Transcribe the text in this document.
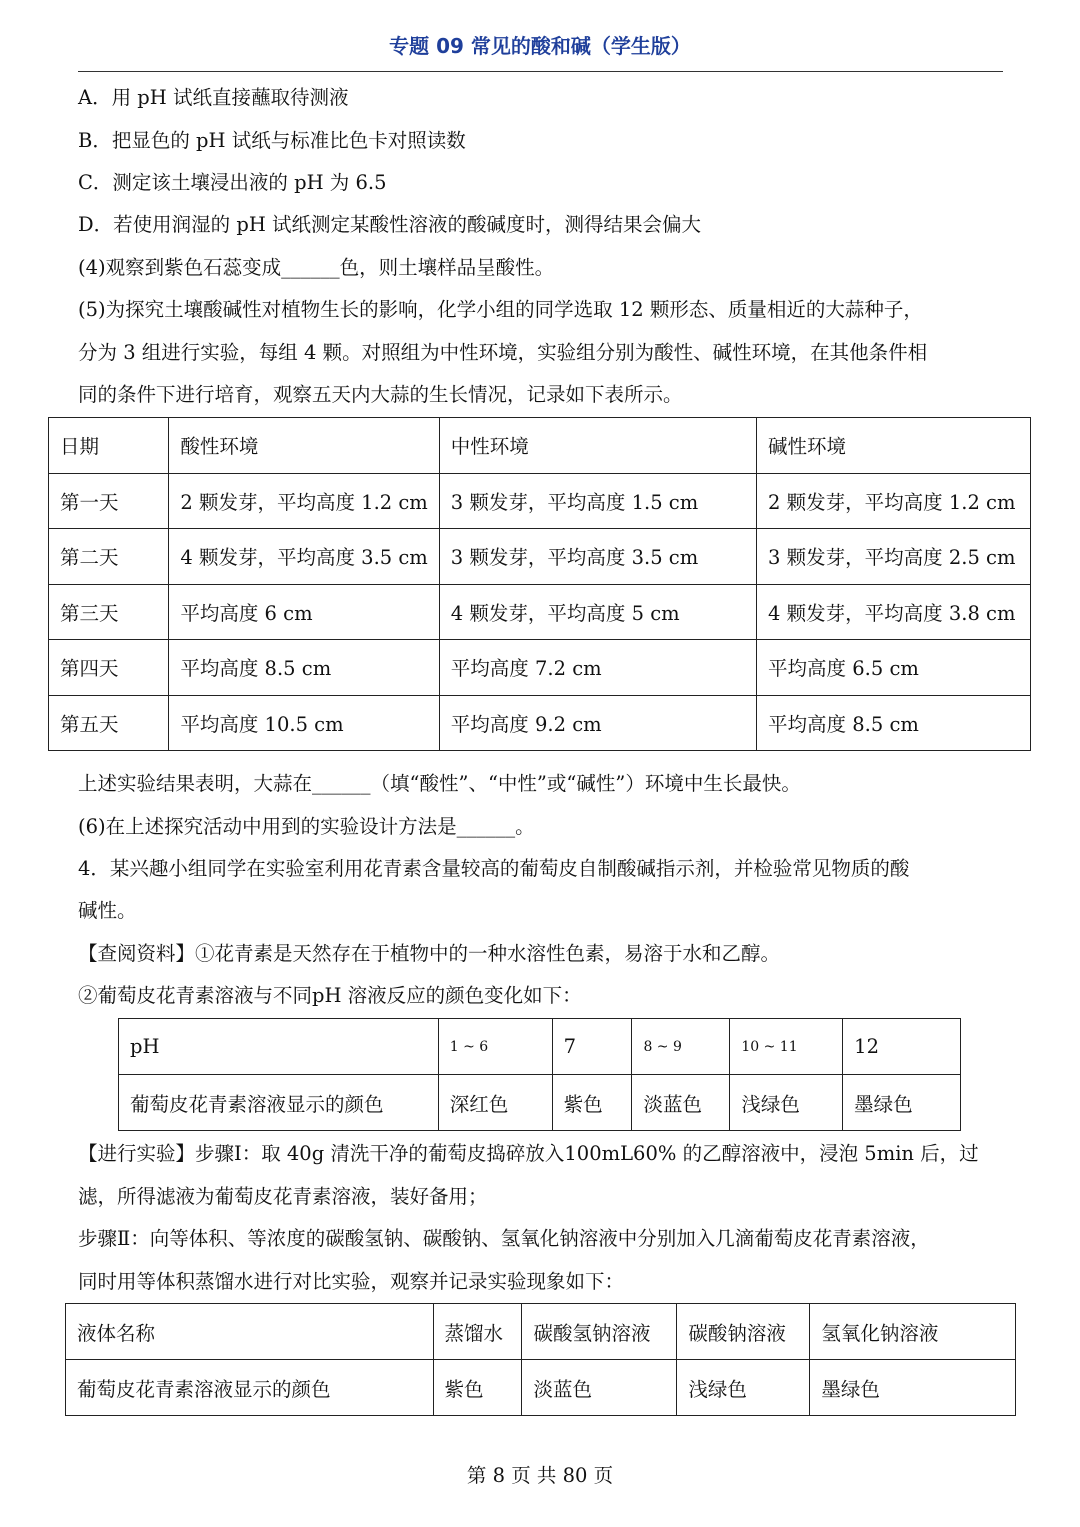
专题 09 常见的酸和碱（学生版）
A．用 pH 试纸直接蘸取待测液
B．把显色的 pH 试纸与标准比色卡对照读数
C．测定该土壤浸出液的 pH 为 6.5
D．若使用润湿的 pH 试纸测定某酸性溶液的酸碱度时，测得结果会偏大
(4)观察到紫色石蕊变成______色，则土壤样品呈酸性。
(5)为探究土壤酸碱性对植物生长的影响，化学小组的同学选取 12 颗形态、质量相近的大蒜种子，
分为 3 组进行实验，每组 4 颗。对照组为中性环境，实验组分别为酸性、碱性环境，在其他条件相
同的条件下进行培育，观察五天内大蒜的生长情况，记录如下表所示。
日期	酸性环境	中性环境	碱性环境
第一天	2 颗发芽，平均高度 1.2 cm	3 颗发芽，平均高度 1.5 cm	2 颗发芽，平均高度 1.2 cm
第二天	4 颗发芽，平均高度 3.5 cm	3 颗发芽，平均高度 3.5 cm	3 颗发芽，平均高度 2.5 cm
第三天	平均高度 6 cm	4 颗发芽，平均高度 5 cm	4 颗发芽，平均高度 3.8 cm
第四天	平均高度 8.5 cm	平均高度 7.2 cm	平均高度 6.5 cm
第五天	平均高度 10.5 cm	平均高度 9.2 cm	平均高度 8.5 cm
上述实验结果表明，大蒜在______（填“酸性”、“中性”或“碱性”）环境中生长最快。
(6)在上述探究活动中用到的实验设计方法是______。
4．某兴趣小组同学在实验室利用花青素含量较高的葡萄皮自制酸碱指示剂，并检验常见物质的酸
碱性。
【查阅资料】①花青素是天然存在于植物中的一种水溶性色素，易溶于水和乙醇。
②葡萄皮花青素溶液与不同pH 溶液反应的颜色变化如下：
pH	1 ~ 6	7	8 ~ 9	10 ~ 11	12
葡萄皮花青素溶液显示的颜色	深红色	紫色	淡蓝色	浅绿色	墨绿色
【进行实验】步骤Ⅰ：取 40g 清洗干净的葡萄皮捣碎放入100mL60% 的乙醇溶液中，浸泡 5min 后，过
滤，所得滤液为葡萄皮花青素溶液，装好备用；
步骤Ⅱ：向等体积、等浓度的碳酸氢钠、碳酸钠、氢氧化钠溶液中分别加入几滴葡萄皮花青素溶液，
同时用等体积蒸馏水进行对比实验，观察并记录实验现象如下：
液体名称	蒸馏水	碳酸氢钠溶液	碳酸钠溶液	氢氧化钠溶液
葡萄皮花青素溶液显示的颜色	紫色	淡蓝色	浅绿色	墨绿色
第 8 页 共 80 页
